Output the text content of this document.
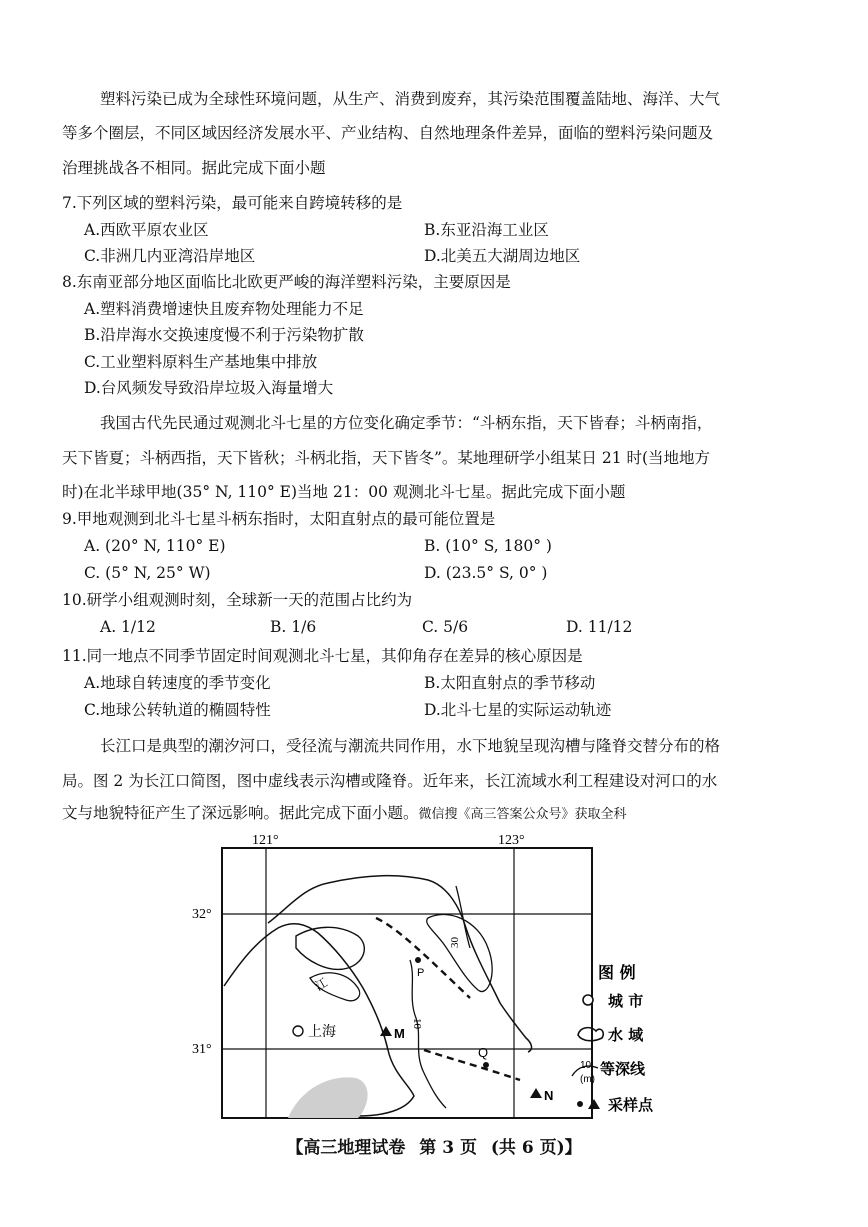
塑料污染已成为全球性环境问题，从生产、消费到废弃，其污染范围覆盖陆地、海洋、大气
等多个圈层，不同区域因经济发展水平、产业结构、自然地理条件差异，面临的塑料污染问题及
治理挑战各不相同。据此完成下面小题
7.下列区域的塑料污染，最可能来自跨境转移的是
A.西欧平原农业区	B.东亚沿海工业区
C.非洲几内亚湾沿岸地区	D.北美五大湖周边地区
8.东南亚部分地区面临比北欧更严峻的海洋塑料污染，主要原因是
A.塑料消费增速快且废弃物处理能力不足
B.沿岸海水交换速度慢不利于污染物扩散
C.工业塑料原料生产基地集中排放
D.台风频发导致沿岸垃圾入海量增大
我国古代先民通过观测北斗七星的方位变化确定季节：“斗柄东指，天下皆春；斗柄南指，
天下皆夏；斗柄西指，天下皆秋；斗柄北指，天下皆冬”。某地理研学小组某日 21 时(当地地方
时)在北半球甲地(35° N, 110° E)当地 21：00 观测北斗七星。据此完成下面小题
9.甲地观测到北斗七星斗柄东指时，太阳直射点的最可能位置是
A. (20° N, 110° E)	B. (10° S, 180° )
C. (5° N, 25° W)	D. (23.5° S, 0° )
10.研学小组观测时刻，全球新一天的范围占比约为
A. 1/12	B. 1/6	C. 5/6	D. 11/12
11.同一地点不同季节固定时间观测北斗七星，其仰角存在差异的核心原因是
A.地球自转速度的季节变化	B.太阳直射点的季节移动
C.地球公转轨道的椭圆特性	D.北斗七星的实际运动轨迹
长江口是典型的潮汐河口，受径流与潮流共同作用，水下地貌呈现沟槽与隆脊交替分布的格
局。图 2 为长江口简图，图中虚线表示沟槽或隆脊。近年来，长江流域水利工程建设对河口的水
文与地貌特征产生了深远影响。据此完成下面小题。微信搜《高三答案公众号》获取全科
121°	123°
32°
31°
江
10
30
上海	M
N
P
Q
图 例
城 市
水 域
10
(m)
等深线
采样点
【高三地理试卷 第 3 页 (共 6 页)】
